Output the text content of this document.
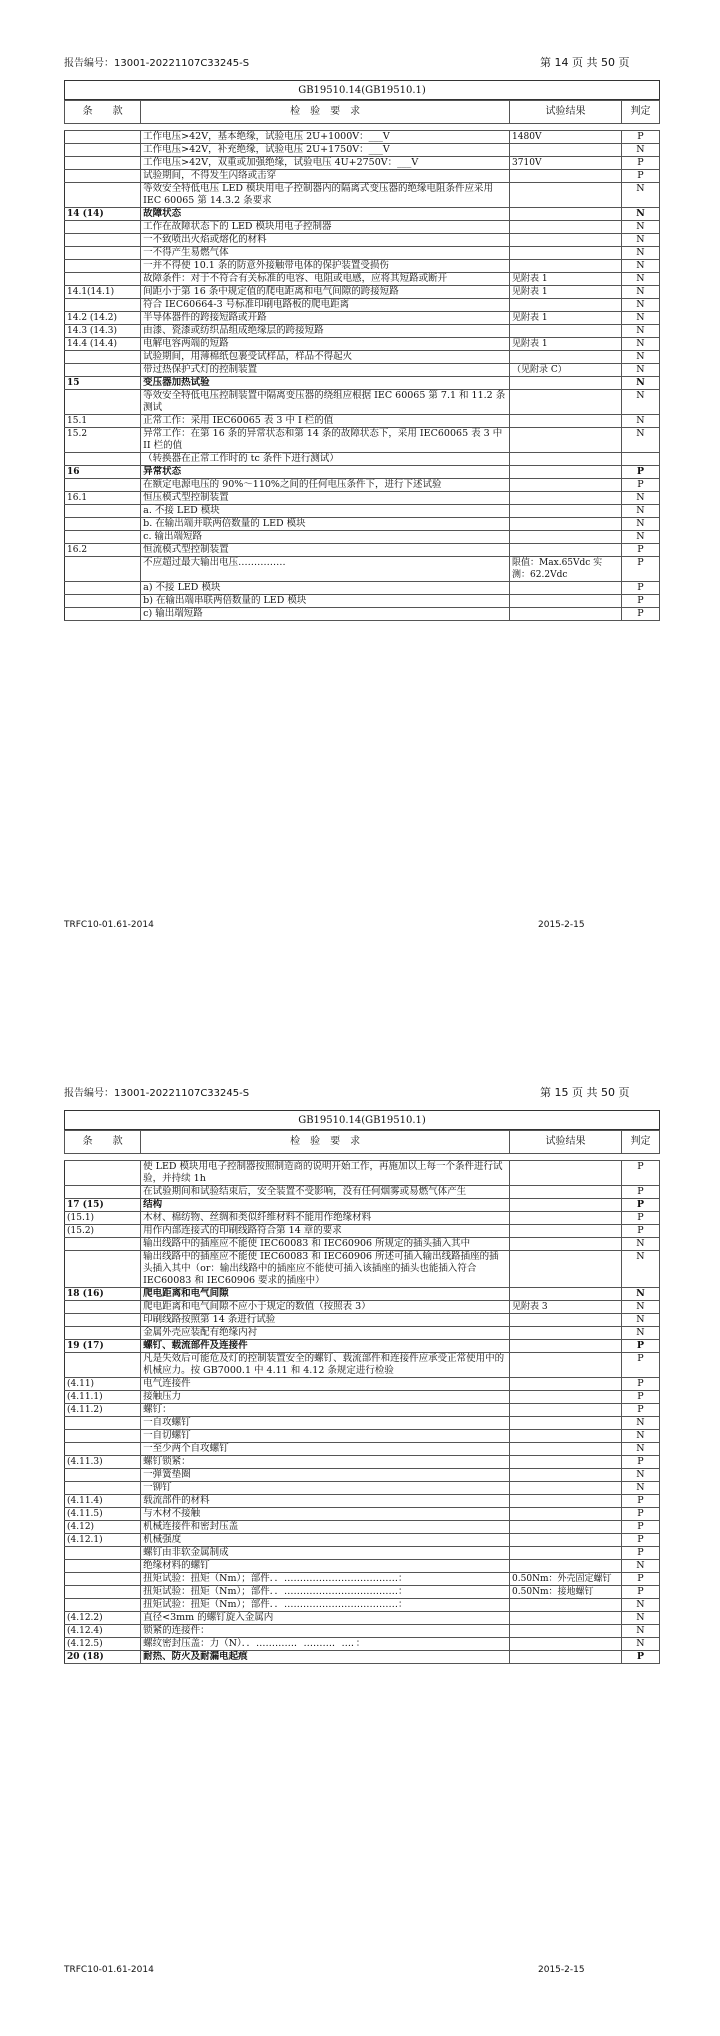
报告编号：13001-20221107C33245-S	第 14 页 共 50 页
GB19510.14(GB19510.1)
条　　款	检　验　要　求	试验结果	判定

	工作电压>42V，基本绝缘，试验电压 2U+1000V：___V	1480V	P
	工作电压>42V，补充绝缘，试验电压 2U+1750V：___V		N
	工作电压>42V，双重或加强绝缘，试验电压 4U+2750V：___V	3710V	P
	试验期间，不得发生闪络或击穿		P
	等效安全特低电压 LED 模块用电子控制器内的隔离式变压器的绝缘电阻条件应采用 IEC 60065 第 14.3.2 条要求		N
14 (14)	故障状态		N
	工作在故障状态下的 LED 模块用电子控制器		N
	一不致喷出火焰或熔化的材料		N
	一不得产生易燃气体		N
	一并不得使 10.1 条的防意外接触带电体的保护装置受损伤		N
	故障条件：对于不符合有关标准的电容、电阻或电感，应将其短路或断开	见附表 1	N
14.1(14.1)	间距小于第 16 条中规定值的爬电距离和电气间隙的跨接短路	见附表 1	N
	符合 IEC60664-3 号标准印刷电路板的爬电距离		N
14.2 (14.2)	半导体器件的跨接短路或开路	见附表 1	N
14.3 (14.3)	由漆、瓷漆或纺织品组成绝缘层的跨接短路		N
14.4 (14.4)	电解电容两端的短路	见附表 1	N
	试验期间，用薄棉纸包裹受试样品，样品不得起火		N
	带过热保护式灯的控制装置	（见附录 C）	N
15	变压器加热试验		N
	等效安全特低电压控制装置中隔离变压器的绕组应根据 IEC 60065 第 7.1 和 11.2 条测试		N
15.1	正常工作：采用 IEC60065 表 3 中 I 栏的值		N
15.2	异常工作：在第 16 条的异常状态和第 14 条的故障状态下，采用 IEC60065 表 3 中 II 栏的值		N
	（转换器在正常工作时的 tc 条件下进行测试）		
16	异常状态		P
	在额定电源电压的 90%～110%之间的任何电压条件下，进行下述试验		P
16.1	恒压模式型控制装置		N
	a. 不接 LED 模块		N
	b. 在输出端并联两倍数量的 LED 模块		N
	c. 输出端短路		N
16.2	恒流模式型控制装置		P
	不应超过最大输出电压……………	限值：Max.65Vdc 实测：62.2Vdc	P
	a) 不接 LED 模块		P
	b) 在输出端串联两倍数量的 LED 模块		P
	c) 输出端短路		P
TRFC10-01.61-2014	2015-2-15
报告编号：13001-20221107C33245-S	第 15 页 共 50 页
GB19510.14(GB19510.1)
条　　款	检　验　要　求	试验结果	判定

	使 LED 模块用电子控制器按照制造商的说明开始工作，再施加以上每一个条件进行试验，并持续 1h		P
	在试验期间和试验结束后，安全装置不受影响，没有任何烟雾或易燃气体产生		P
17 (15)	结构		P
(15.1)	木材、棉纺物、丝绸和类似纤维材料不能用作绝缘材料		P
(15.2)	用作内部连接式的印刷线路符合第 14 章的要求		P
	输出线路中的插座应不能使 IEC60083 和 IEC60906 所规定的插头插入其中		N
	输出线路中的插座应不能使 IEC60083 和 IEC60906 所述可插入输出线路插座的插头插入其中（or：输出线路中的插座应不能使可插入该插座的插头也能插入符合 IEC60083 和 IEC60906 要求的插座中）		N
18 (16)	爬电距离和电气间隙		N
	爬电距离和电气间隙不应小于规定的数值（按照表 3）	见附表 3	N
	印刷线路按照第 14 条进行试验		N
	金属外壳应装配有绝缘内衬		N
19 (17)	螺钉、载流部件及连接件		P
	凡是失效后可能危及灯的控制装置安全的螺钉、载流部件和连接件应承受正常使用中的机械应力。按 GB7000.1 中 4.11 和 4.12 条规定进行检验		P
(4.11)	电气连接件		P
(4.11.1)	接触压力		P
(4.11.2)	螺钉：		P
	一自攻螺钉		N
	一自切螺钉		N
	一至少两个自攻螺钉		N
(4.11.3)	螺钉锁紧：		P
	一弹簧垫圈		N
	一铆钉		N
(4.11.4)	载流部件的材料		P
(4.11.5)	与木材不接触		P
(4.12)	机械连接件和密封压盖		P
(4.12.1)	机械强度		P
	螺钉由非软金属制成		P
	绝缘材料的螺钉		N
	扭矩试验：扭矩（Nm）；部件．．………………………………：	0.50Nm：外壳固定螺钉	P
	扭矩试验：扭矩（Nm）；部件．．………………………………：	0.50Nm：接地螺钉	P
	扭矩试验：扭矩（Nm）；部件．．………………………………：		N
(4.12.2)	直径<3mm 的螺钉旋入金属内		N
(4.12.4)	锁紧的连接件：		N
(4.12.5)	螺纹密封压盖：力（N）．．…………．………．…．：		N
20 (18)	耐热、防火及耐漏电起痕		P
TRFC10-01.61-2014	2015-2-15
